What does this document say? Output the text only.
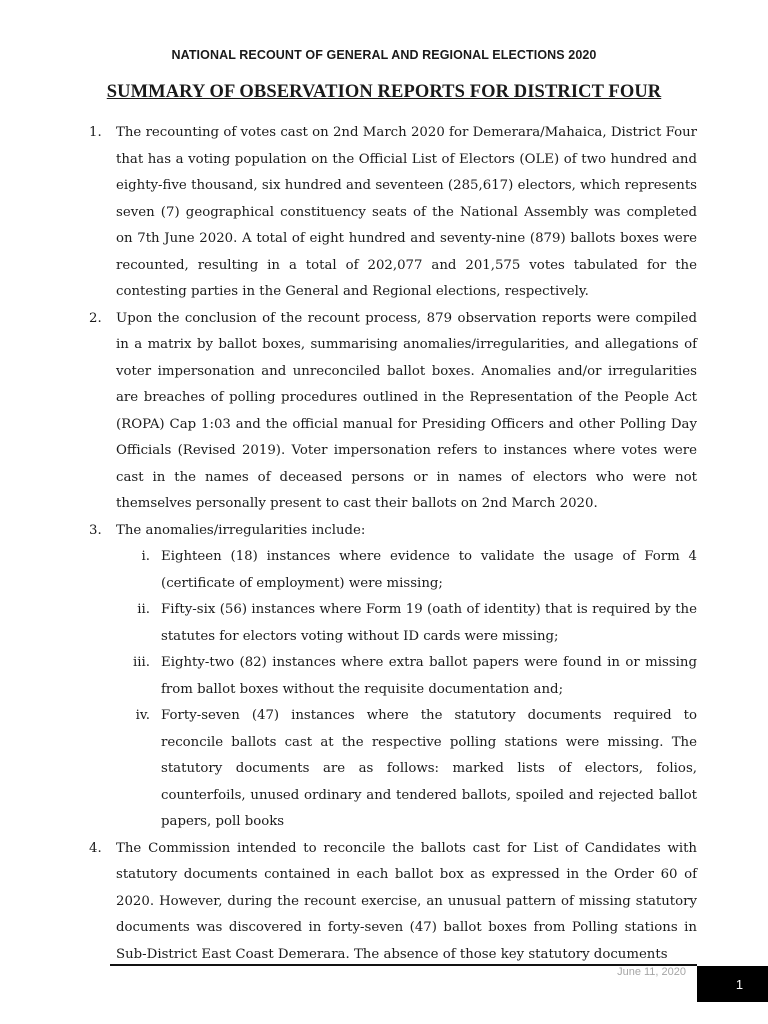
NATIONAL RECOUNT OF GENERAL AND REGIONAL ELECTIONS 2020
SUMMARY OF OBSERVATION REPORTS FOR DISTRICT FOUR
1. The recounting of votes cast on 2nd March 2020 for Demerara/Mahaica, District Four that has a voting population on the Official List of Electors (OLE) of two hundred and eighty-five thousand, six hundred and seventeen (285,617) electors, which represents seven (7) geographical constituency seats of the National Assembly was completed on 7th June 2020. A total of eight hundred and seventy-nine (879) ballots boxes were recounted, resulting in a total of 202,077 and 201,575 votes tabulated for the contesting parties in the General and Regional elections, respectively.
2. Upon the conclusion of the recount process, 879 observation reports were compiled in a matrix by ballot boxes, summarising anomalies/irregularities, and allegations of voter impersonation and unreconciled ballot boxes. Anomalies and/or irregularities are breaches of polling procedures outlined in the Representation of the People Act (ROPA) Cap 1:03 and the official manual for Presiding Officers and other Polling Day Officials (Revised 2019). Voter impersonation refers to instances where votes were cast in the names of deceased persons or in names of electors who were not themselves personally present to cast their ballots on 2nd March 2020.
3. The anomalies/irregularities include:
i. Eighteen (18) instances where evidence to validate the usage of Form 4 (certificate of employment) were missing;
ii. Fifty-six (56) instances where Form 19 (oath of identity) that is required by the statutes for electors voting without ID cards were missing;
iii. Eighty-two (82) instances where extra ballot papers were found in or missing from ballot boxes without the requisite documentation and;
iv. Forty-seven (47) instances where the statutory documents required to reconcile ballots cast at the respective polling stations were missing. The statutory documents are as follows: marked lists of electors, folios, counterfoils, unused ordinary and tendered ballots, spoiled and rejected ballot papers, poll books
4. The Commission intended to reconcile the ballots cast for List of Candidates with statutory documents contained in each ballot box as expressed in the Order 60 of 2020. However, during the recount exercise, an unusual pattern of missing statutory documents was discovered in forty-seven (47) ballot boxes from Polling stations in Sub-District East Coast Demerara. The absence of those key statutory documents
June 11, 2020
1
